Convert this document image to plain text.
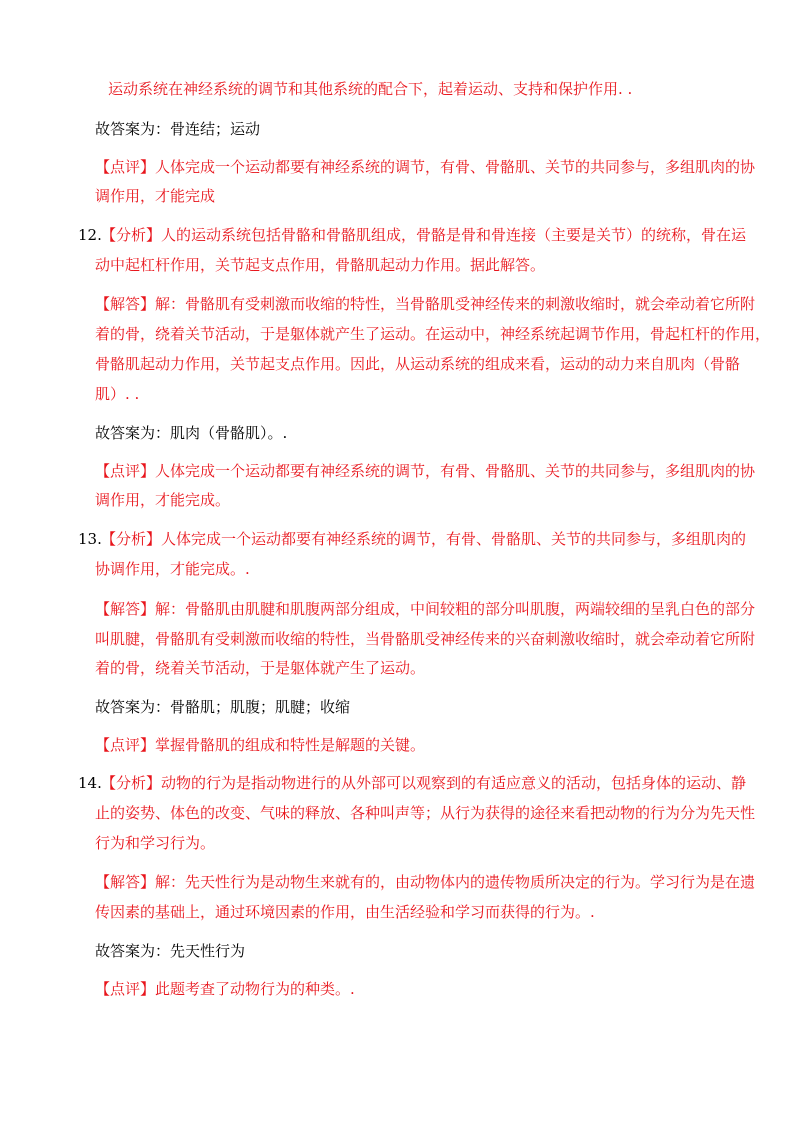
运动系统在神经系统的调节和其他系统的配合下，起着运动、支持和保护作用. .
故答案为：骨连结；运动
【点评】人体完成一个运动都要有神经系统的调节，有骨、骨骼肌、关节的共同参与，多组肌肉的协
调作用，才能完成
12. 【分析】人的运动系统包括骨骼和骨骼肌组成，骨骼是骨和骨连接（主要是关节）的统称，骨在运
动中起杠杆作用，关节起支点作用，骨骼肌起动力作用。据此解答。
【解答】解：骨骼肌有受刺激而收缩的特性，当骨骼肌受神经传来的刺激收缩时，就会牵动着它所附
着的骨，绕着关节活动，于是躯体就产生了运动。在运动中，神经系统起调节作用，骨起杠杆的作用，
骨骼肌起动力作用，关节起支点作用。因此，从运动系统的组成来看，运动的动力来自肌肉（骨骼
肌）. .
故答案为：肌肉（骨骼肌）。.
【点评】人体完成一个运动都要有神经系统的调节，有骨、骨骼肌、关节的共同参与，多组肌肉的协
调作用，才能完成。
13. 【分析】人体完成一个运动都要有神经系统的调节，有骨、骨骼肌、关节的共同参与，多组肌肉的
协调作用，才能完成。.
【解答】解：骨骼肌由肌腱和肌腹两部分组成，中间较粗的部分叫肌腹，两端较细的呈乳白色的部分
叫肌腱，骨骼肌有受刺激而收缩的特性，当骨骼肌受神经传来的兴奋刺激收缩时，就会牵动着它所附
着的骨，绕着关节活动，于是躯体就产生了运动。
故答案为：骨骼肌；肌腹；肌腱；收缩
【点评】掌握骨骼肌的组成和特性是解题的关键。
14. 【分析】动物的行为是指动物进行的从外部可以观察到的有适应意义的活动，包括身体的运动、静
止的姿势、体色的改变、气味的释放、各种叫声等；从行为获得的途径来看把动物的行为分为先天性
行为和学习行为。
【解答】解：先天性行为是动物生来就有的，由动物体内的遗传物质所决定的行为。学习行为是在遗
传因素的基础上，通过环境因素的作用，由生活经验和学习而获得的行为。.
故答案为：先天性行为
【点评】此题考查了动物行为的种类。.
